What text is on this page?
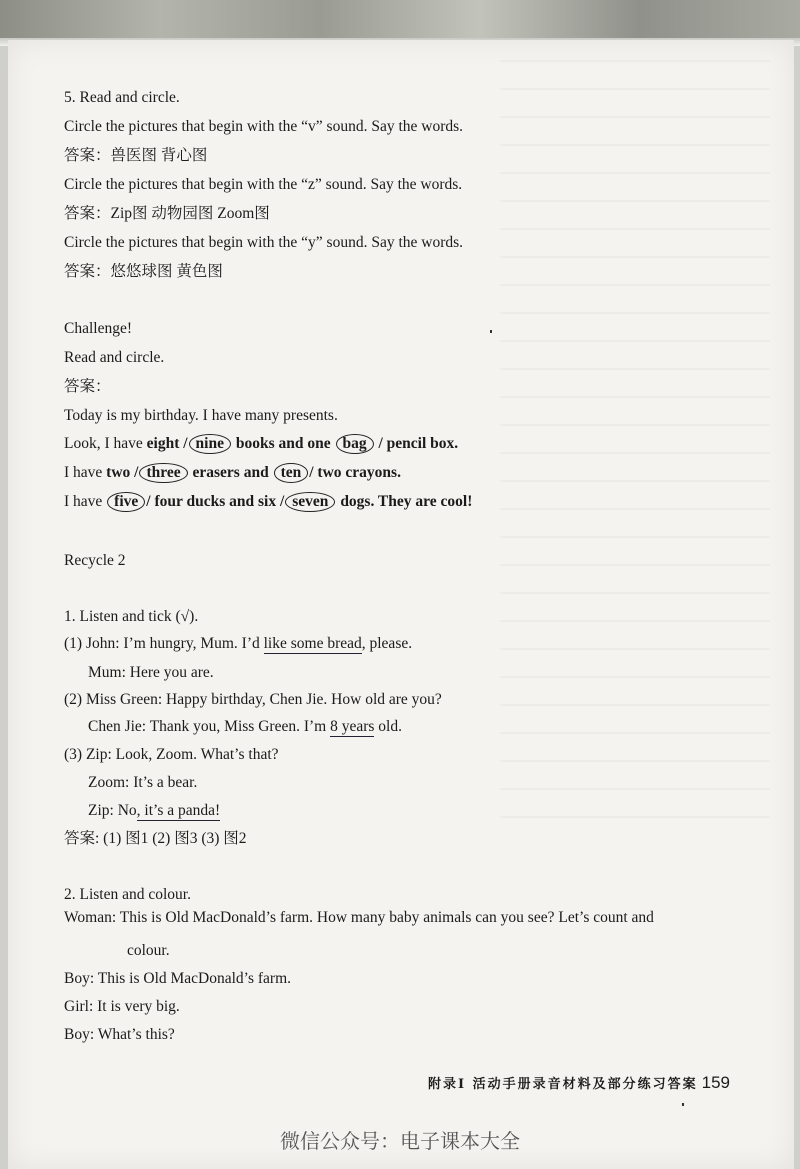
5. Read and circle.
Circle the pictures that begin with the “v” sound. Say the words.
答案：兽医图 背心图
Circle the pictures that begin with the “z” sound. Say the words.
答案：Zip图 动物园图 Zoom图
Circle the pictures that begin with the “y” sound. Say the words.
答案：悠悠球图 黄色图
Challenge!
Read and circle.
答案：
Today is my birthday. I have many presents.
Look, I have eight / nine books and one bag / pencil box.
I have two / three erasers and ten / two crayons.
I have five / four ducks and six / seven dogs. They are cool!
Recycle 2
1. Listen and tick (√).
(1) John: I’m hungry, Mum. I’d like some bread, please.
Mum: Here you are.
(2) Miss Green: Happy birthday, Chen Jie. How old are you?
Chen Jie: Thank you, Miss Green. I’m 8 years old.
(3) Zip: Look, Zoom. What’s that?
Zoom: It’s a bear.
Zip: No, it’s a panda!
答案: (1) 图1 (2) 图3 (3) 图2
2. Listen and colour.
Woman: This is Old MacDonald’s farm. How many baby animals can you see? Let’s count and
colour.
Boy: This is Old MacDonald’s farm.
Girl: It is very big.
Boy: What’s this?
附录I 活动手册录音材料及部分练习答案 159
微信公众号：电子课本大全
